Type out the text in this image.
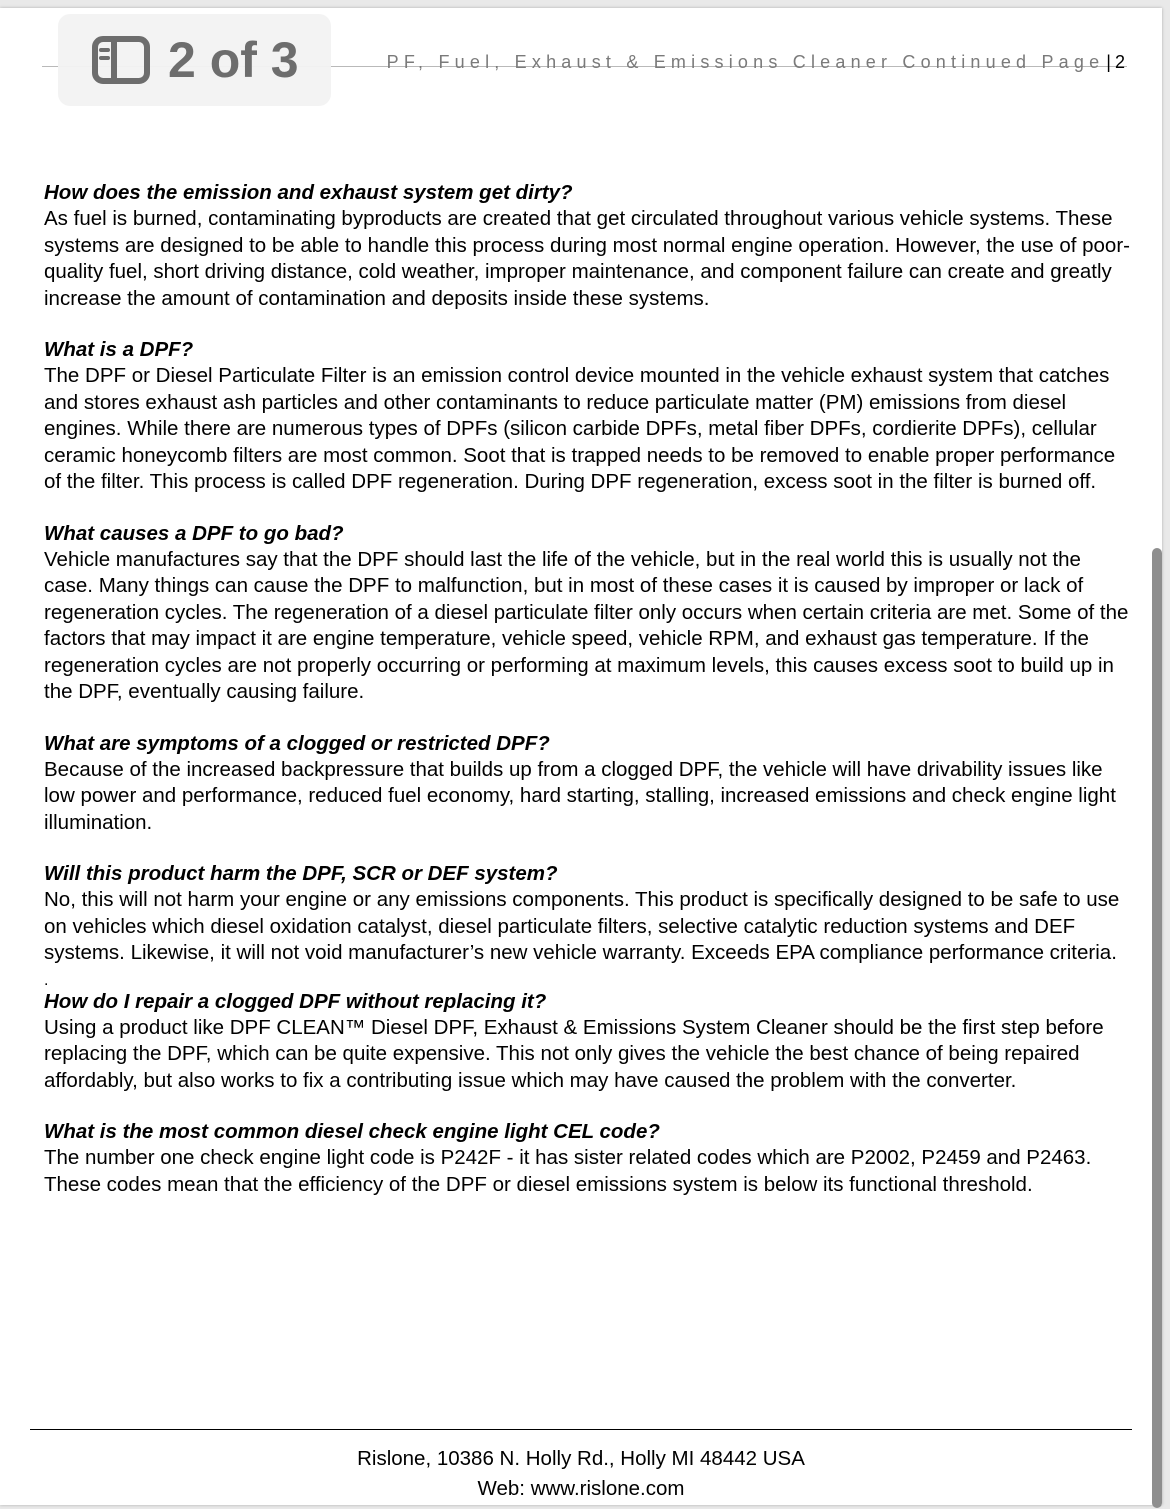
PF, Fuel, Exhaust & Emissions Cleaner Continued Page | 2
How does the emission and exhaust system get dirty?
As fuel is burned, contaminating byproducts are created that get circulated throughout various vehicle systems. These systems are designed to be able to handle this process during most normal engine operation. However, the use of poor-quality fuel, short driving distance, cold weather, improper maintenance, and component failure can create and greatly increase the amount of contamination and deposits inside these systems.
What is a DPF?
The DPF or Diesel Particulate Filter is an emission control device mounted in the vehicle exhaust system that catches and stores exhaust ash particles and other contaminants to reduce particulate matter (PM) emissions from diesel engines. While there are numerous types of DPFs (silicon carbide DPFs, metal fiber DPFs, cordierite DPFs), cellular ceramic honeycomb filters are most common. Soot that is trapped needs to be removed to enable proper performance of the filter. This process is called DPF regeneration. During DPF regeneration, excess soot in the filter is burned off.
What causes a DPF to go bad?
Vehicle manufactures say that the DPF should last the life of the vehicle, but in the real world this is usually not the case. Many things can cause the DPF to malfunction, but in most of these cases it is caused by improper or lack of regeneration cycles. The regeneration of a diesel particulate filter only occurs when certain criteria are met. Some of the factors that may impact it are engine temperature, vehicle speed, vehicle RPM, and exhaust gas temperature. If the regeneration cycles are not properly occurring or performing at maximum levels, this causes excess soot to build up in the DPF, eventually causing failure.
What are symptoms of a clogged or restricted DPF?
Because of the increased backpressure that builds up from a clogged DPF, the vehicle will have drivability issues like low power and performance, reduced fuel economy, hard starting, stalling, increased emissions and check engine light illumination.
Will this product harm the DPF, SCR or DEF system?
No, this will not harm your engine or any emissions components. This product is specifically designed to be safe to use on vehicles which diesel oxidation catalyst, diesel particulate filters, selective catalytic reduction systems and DEF systems. Likewise, it will not void manufacturer’s new vehicle warranty. Exceeds EPA compliance performance criteria.
.
How do I repair a clogged DPF without replacing it?
Using a product like DPF CLEAN™ Diesel DPF, Exhaust & Emissions System Cleaner should be the first step before replacing the DPF, which can be quite expensive. This not only gives the vehicle the best chance of being repaired affordably, but also works to fix a contributing issue which may have caused the problem with the converter.
What is the most common diesel check engine light CEL code?
The number one check engine light code is P242F - it has sister related codes which are P2002, P2459 and P2463. These codes mean that the efficiency of the DPF or diesel emissions system is below its functional threshold.
Rislone, 10386 N. Holly Rd., Holly MI 48442 USA
Web: www.rislone.com
2 of 3
